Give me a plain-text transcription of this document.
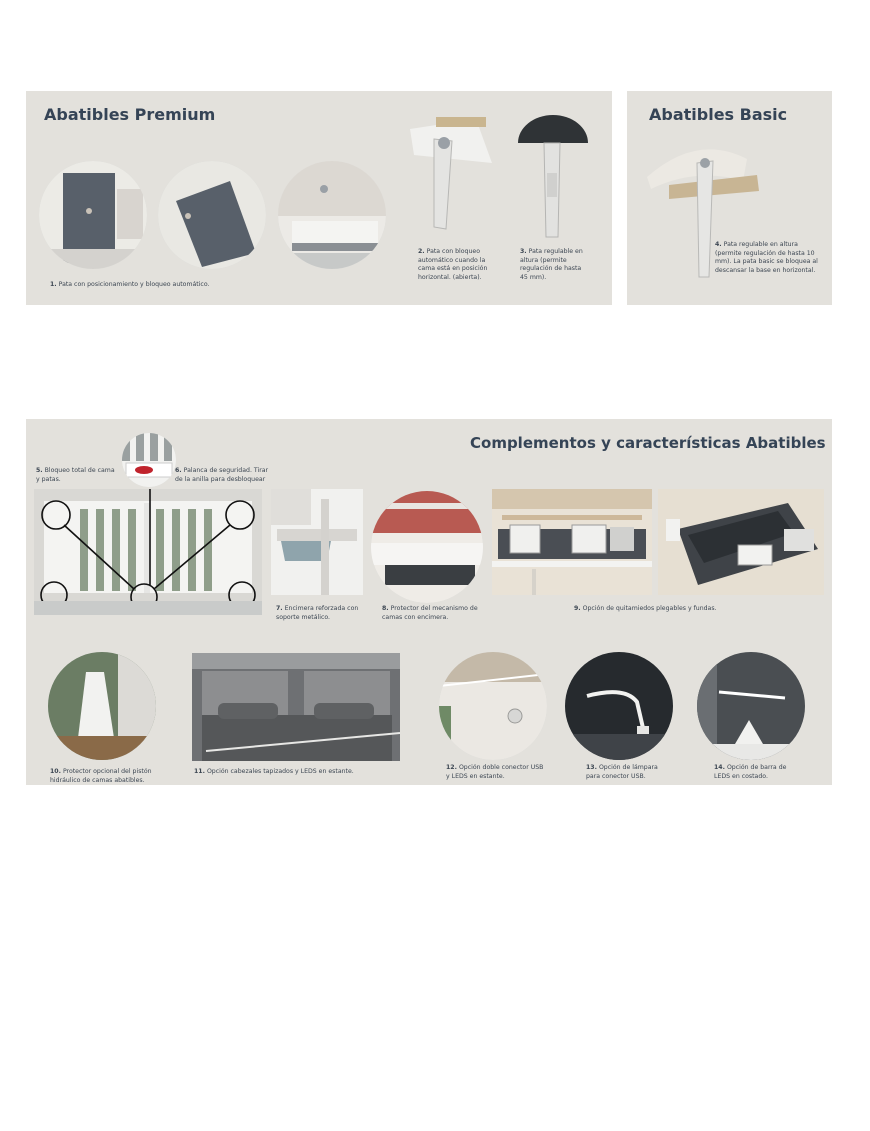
Abatibles Premium
1. Pata con posicionamiento y bloqueo automático.
2. Pata con bloqueo automático cuando la cama está en posición horizontal. (abierta).
3. Pata regulable en altura (permite regulación de hasta 45 mm).
Abatibles Basic
4. Pata regulable en altura (permite regulación de hasta 10 mm). La pata basic se bloquea al descansar la base en horizontal.
Complementos y características Abatibles
5. Bloqueo total de cama y patas.
6. Palanca de seguridad. Tirar de la anilla para desbloquear
7. Encimera reforzada con soporte metálico.
8. Protector del mecanismo de camas con encimera.
9. Opción de quitamiedos plegables y fundas.
10. Protector opcional del pistón hidráulico de camas abatibles.
11. Opción cabezales tapizados y LEDS en estante.
12. Opción doble conector USB y LEDS en estante.
13. Opción de lámpara para conector USB.
14. Opción de barra de LEDS en costado.
